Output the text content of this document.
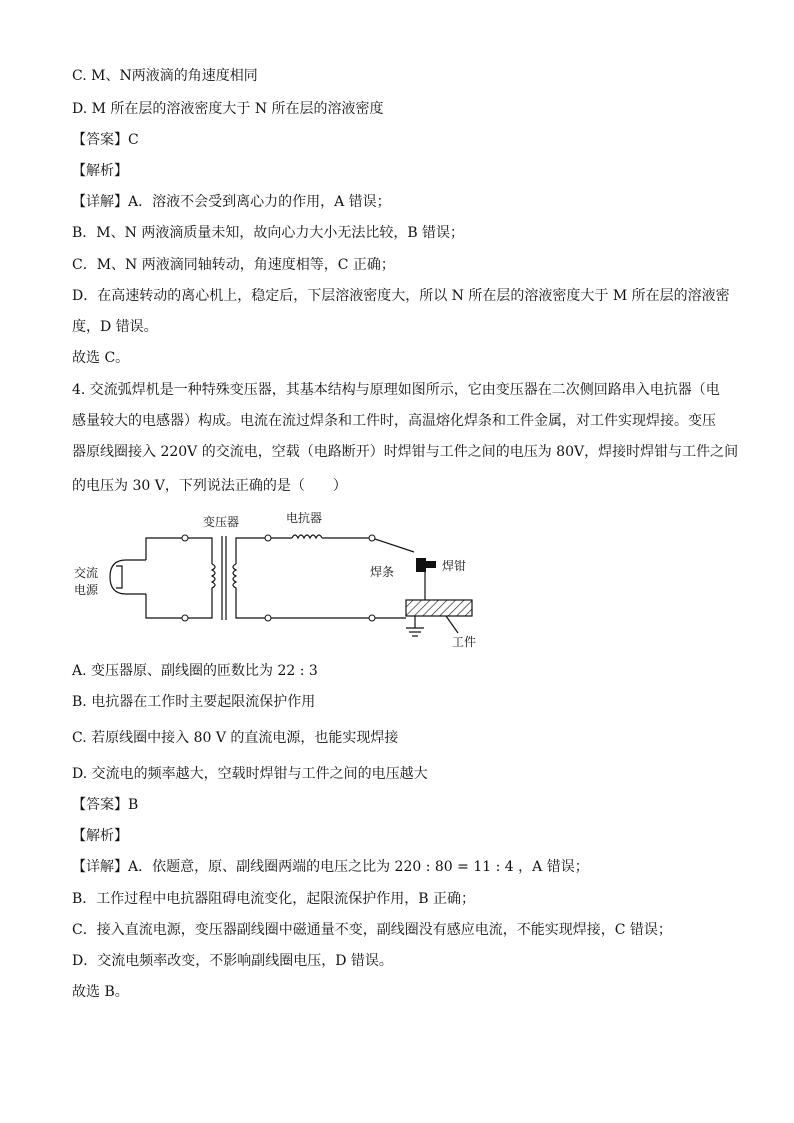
C. M、N两液滴的角速度相同
D. M 所在层的溶液密度大于 N 所在层的溶液密度
【答案】C
【解析】
【详解】A．溶液不会受到离心力的作用，A 错误；
B．M、N 两液滴质量未知，故向心力大小无法比较，B 错误；
C．M、N 两液滴同轴转动，角速度相等，C 正确；
D．在高速转动的离心机上，稳定后，下层溶液密度大，所以 N 所在层的溶液密度大于 M 所在层的溶液密
度，D 错误。
故选 C。
4. 交流弧焊机是一种特殊变压器，其基本结构与原理如图所示，它由变压器在二次侧回路串入电抗器（电
感量较大的电感器）构成。电流在流过焊条和工件时，高温熔化焊条和工件金属，对工件实现焊接。变压
器原线圈接入 220V 的交流电，空载（电路断开）时焊钳与工件之间的电压为 80V，焊接时焊钳与工件之间
的电压为 30 V，下列说法正确的是（　　）
变压器	电抗器
交流
电源
焊条	焊钳
工件
A. 变压器原、副线圈的匝数比为 22 : 3
B. 电抗器在工作时主要起限流保护作用
C. 若原线圈中接入 80 V 的直流电源，也能实现焊接
D. 交流电的频率越大，空载时焊钳与工件之间的电压越大
【答案】B
【解析】
【详解】A．依题意，原、副线圈两端的电压之比为 220 : 80 = 11 : 4 ，A 错误；
B．工作过程中电抗器阻碍电流变化，起限流保护作用，B 正确；
C．接入直流电源，变压器副线圈中磁通量不变，副线圈没有感应电流，不能实现焊接，C 错误；
D．交流电频率改变，不影响副线圈电压，D 错误。
故选 B。
